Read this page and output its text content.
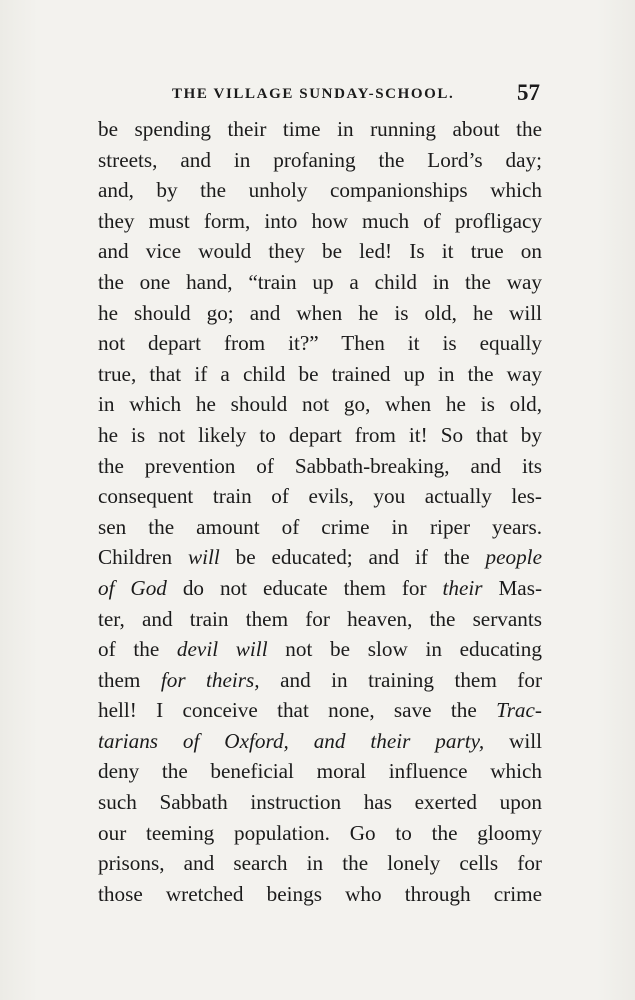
THE VILLAGE SUNDAY-SCHOOL.	57
be spending their time in running about the
streets, and in profaning the Lord’s day;
and, by the unholy companionships which
they must form, into how much of profligacy
and vice would they be led! Is it true on
the one hand, “train up a child in the way
he should go; and when he is old, he will
not depart from it?” Then it is equally
true, that if a child be trained up in the way
in which he should not go, when he is old,
he is not likely to depart from it! So that by
the prevention of Sabbath-breaking, and its
consequent train of evils, you actually les-
sen the amount of crime in riper years.
Children will be educated; and if the people
of God do not educate them for their Mas-
ter, and train them for heaven, the servants
of the devil will not be slow in educating
them for theirs, and in training them for
hell! I conceive that none, save the Trac-
tarians of Oxford, and their party, will
deny the beneficial moral influence which
such Sabbath instruction has exerted upon
our teeming population. Go to the gloomy
prisons, and search in the lonely cells for
those wretched beings who through crime
